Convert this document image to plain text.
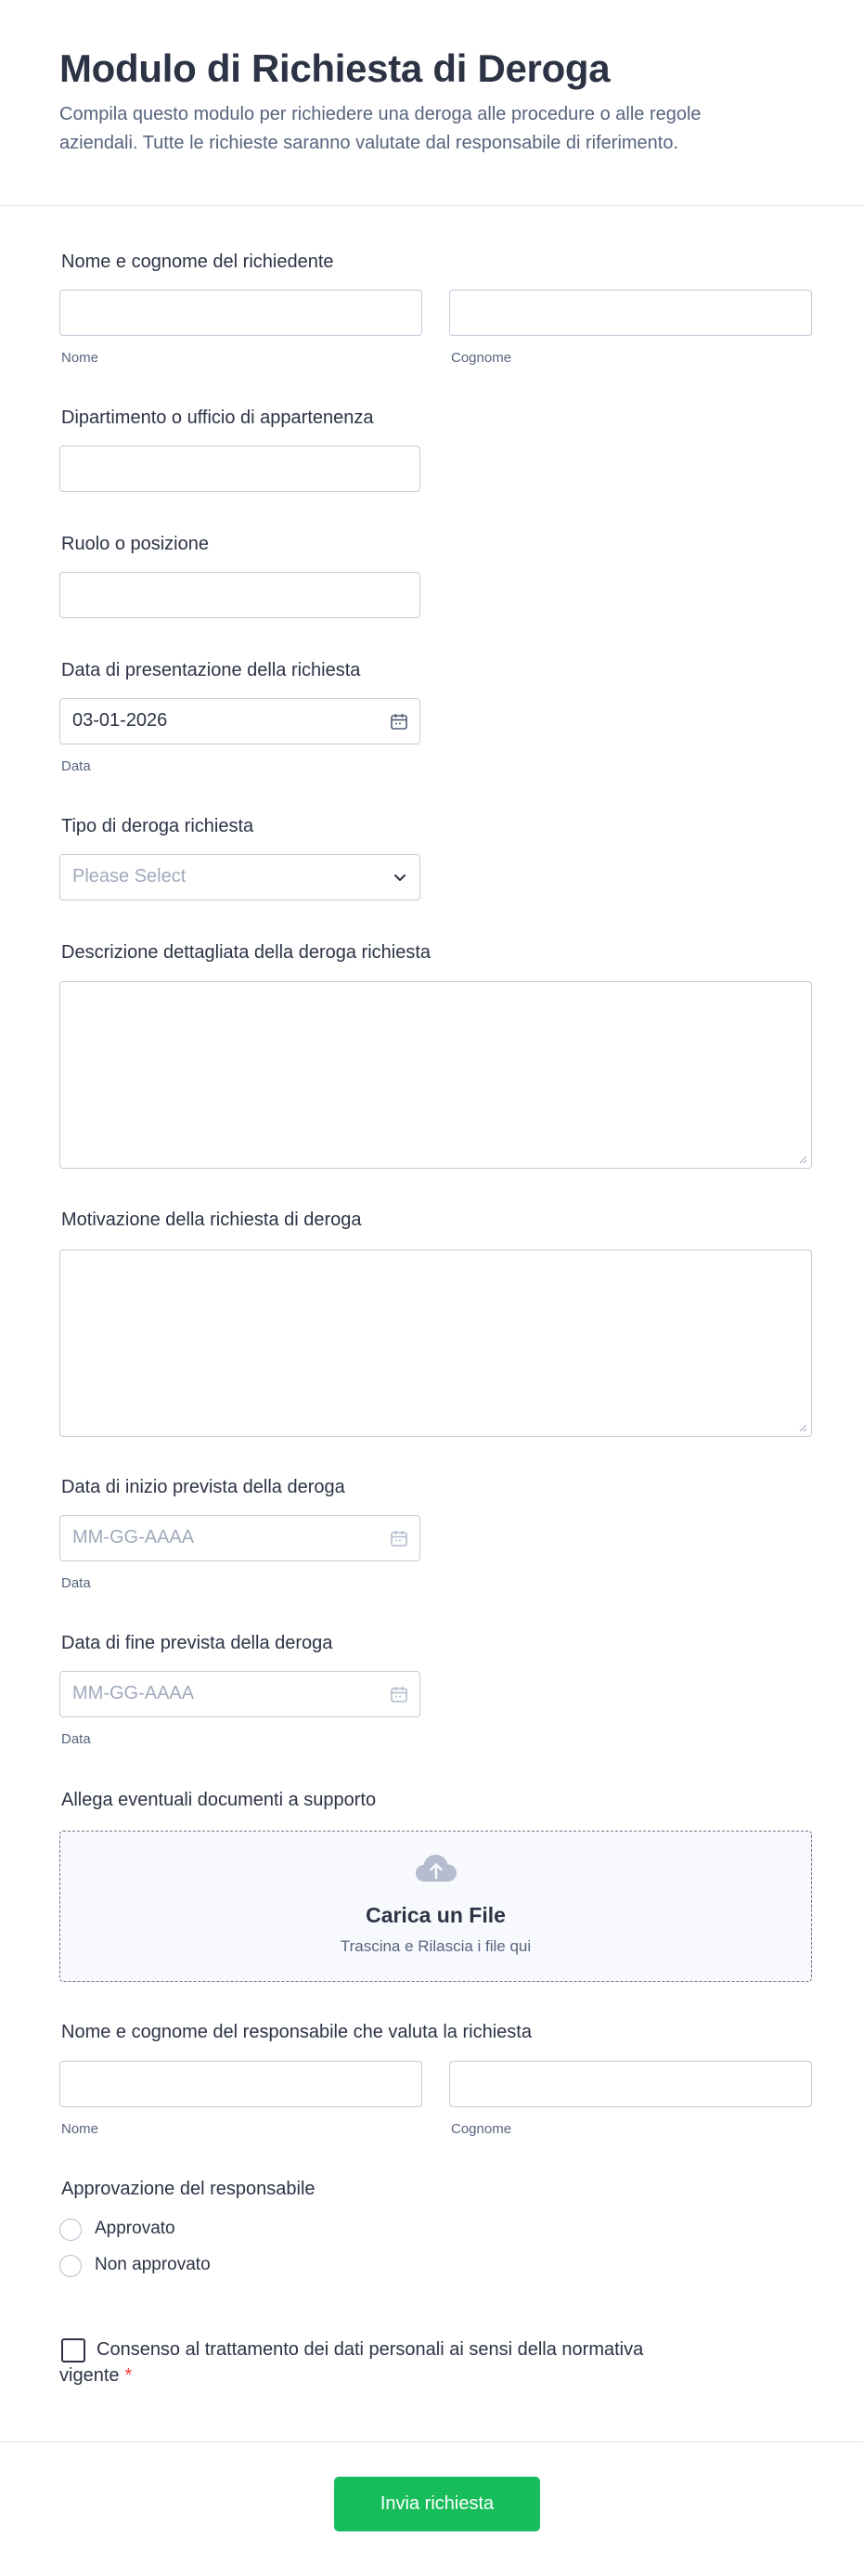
Modulo di Richiesta di Deroga
Compila questo modulo per richiedere una deroga alle procedure o alle regole aziendali. Tutte le richieste saranno valutate dal responsabile di riferimento.
Nome e cognome del richiedente
Nome	Cognome
Dipartimento o ufficio di appartenenza
Ruolo o posizione
Data di presentazione della richiesta
03-01-2026
Data
Tipo di deroga richiesta
Please Select
Descrizione dettagliata della deroga richiesta
Motivazione della richiesta di deroga
Data di inizio prevista della deroga
MM-GG-AAAA
Data
Data di fine prevista della deroga
MM-GG-AAAA
Data
Allega eventuali documenti a supporto
Carica un File
Trascina e Rilascia i file qui
Nome e cognome del responsabile che valuta la richiesta
Nome	Cognome
Approvazione del responsabile
Approvato
Non approvato
Consenso al trattamento dei dati personali ai sensi della normativa vigente *
Invia richiesta
